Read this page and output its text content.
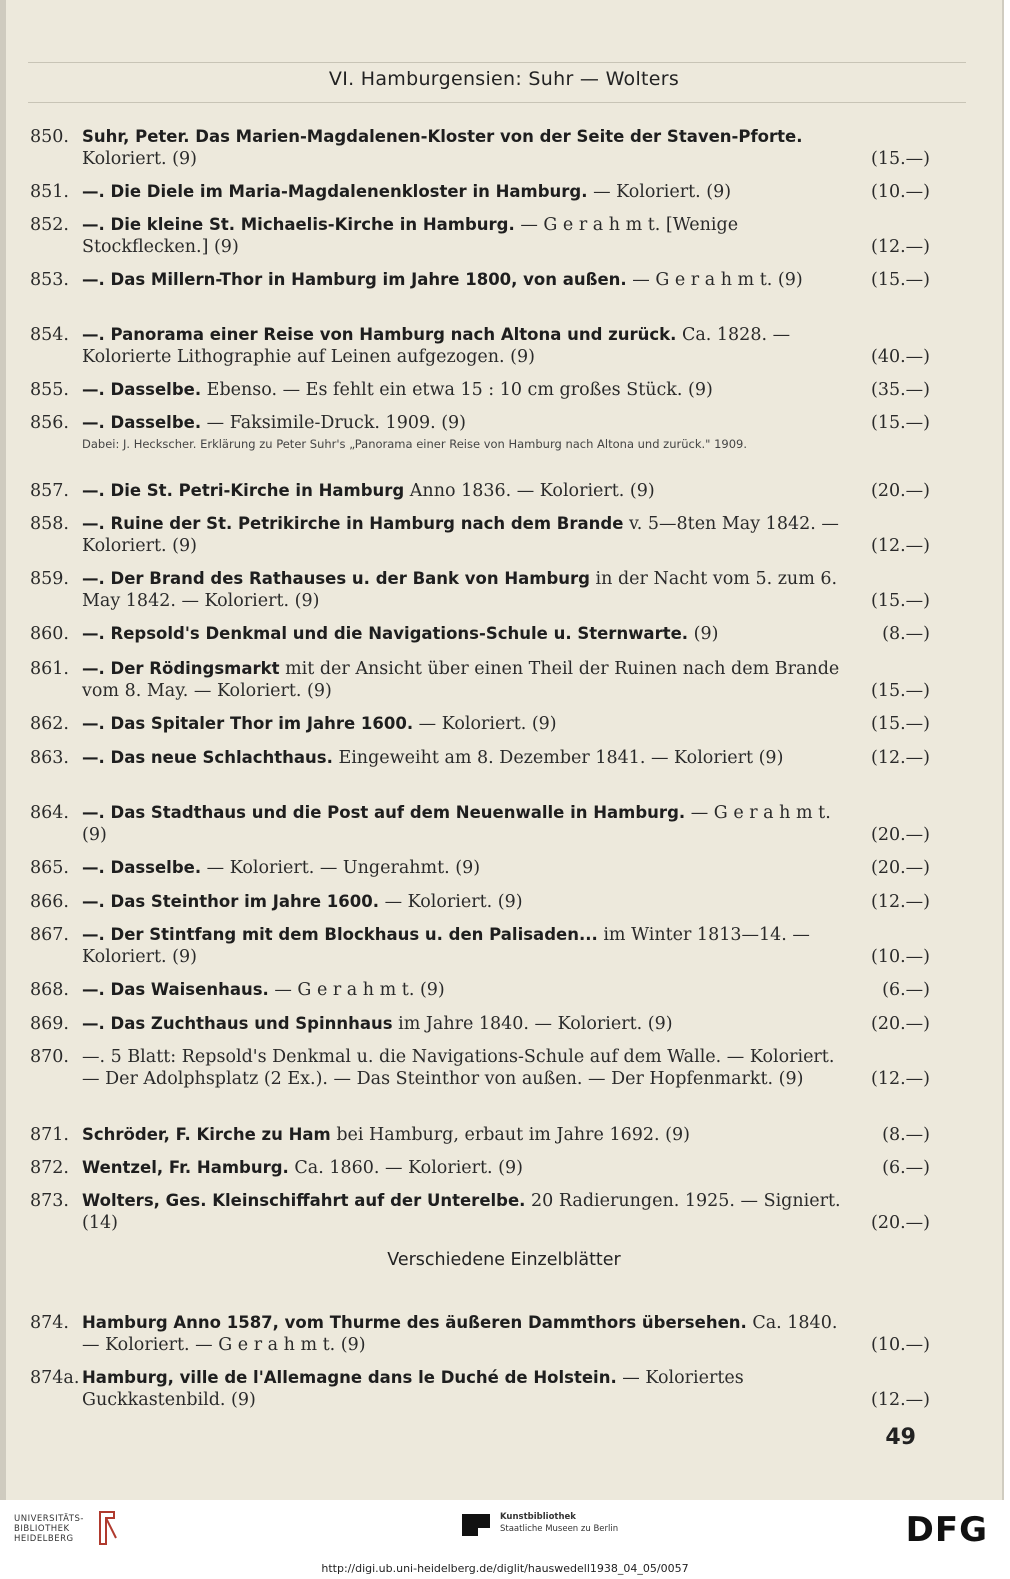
VI. Hamburgensien: Suhr — Wolters
850. Suhr, Peter. Das Marien-Magdalenen-Kloster von der Seite der Staven-Pforte. Koloriert. (9)	(15.—)
851. —. Die Diele im Maria-Magdalenenkloster in Hamburg. — Koloriert. (9)	(10.—)
852. —. Die kleine St. Michaelis-Kirche in Hamburg. — G e r a h m t. [Wenige Stockflecken.] (9)	(12.—)
853. —. Das Millern-Thor in Hamburg im Jahre 1800, von außen. — G e r a h m t. (9)	(15.—)
854. —. Panorama einer Reise von Hamburg nach Altona und zurück. Ca. 1828. — Kolorierte Lithographie auf Leinen aufgezogen. (9)	(40.—)
855. —. Dasselbe. Ebenso. — Es fehlt ein etwa 15 : 10 cm großes Stück. (9)	(35.—)
856. —. Dasselbe. — Faksimile-Druck. 1909. (9)	(15.—)
Dabei: J. Heckscher. Erklärung zu Peter Suhr's „Panorama einer Reise von Hamburg nach Altona und zurück." 1909.
857. —. Die St. Petri-Kirche in Hamburg Anno 1836. — Koloriert. (9)	(20.—)
858. —. Ruine der St. Petrikirche in Hamburg nach dem Brande v. 5—8ten May 1842. — Koloriert. (9)	(12.—)
859. —. Der Brand des Rathauses u. der Bank von Hamburg in der Nacht vom 5. zum 6. May 1842. — Koloriert. (9)	(15.—)
860. —. Repsold's Denkmal und die Navigations-Schule u. Sternwarte. (9)	(8.—)
861. —. Der Rödingsmarkt mit der Ansicht über einen Theil der Ruinen nach dem Brande vom 8. May. — Koloriert. (9)	(15.—)
862. —. Das Spitaler Thor im Jahre 1600. — Koloriert. (9)	(15.—)
863. —. Das neue Schlachthaus. Eingeweiht am 8. Dezember 1841. — Koloriert (9)	(12.—)
864. —. Das Stadthaus und die Post auf dem Neuenwalle in Hamburg. — G e r a h m t. (9)	(20.—)
865. —. Dasselbe. — Koloriert. — Ungerahmt. (9)	(20.—)
866. —. Das Steinthor im Jahre 1600. — Koloriert. (9)	(12.—)
867. —. Der Stintfang mit dem Blockhaus u. den Palisaden... im Winter 1813—14. — Koloriert. (9)	(10.—)
868. —. Das Waisenhaus. — G e r a h m t. (9)	(6.—)
869. —. Das Zuchthaus und Spinnhaus im Jahre 1840. — Koloriert. (9)	(20.—)
870. —. 5 Blatt: Repsold's Denkmal u. die Navigations-Schule auf dem Walle. — Koloriert. — Der Adolphsplatz (2 Ex.). — Das Steinthor von außen. — Der Hopfenmarkt. (9)	(12.—)
871. Schröder, F. Kirche zu Ham bei Hamburg, erbaut im Jahre 1692. (9)	(8.—)
872. Wentzel, Fr. Hamburg. Ca. 1860. — Koloriert. (9)	(6.—)
873. Wolters, Ges. Kleinschiffahrt auf der Unterelbe. 20 Radierungen. 1925. — Signiert. (14)	(20.—)
Verschiedene Einzelblätter
874. Hamburg Anno 1587, vom Thurme des äußeren Dammthors übersehen. Ca. 1840. — Koloriert. — G e r a h m t. (9)	(10.—)
874a. Hamburg, ville de l'Allemagne dans le Duché de Holstein. — Koloriertes Guckkastenbild. (9)	(12.—)
49
UNIVERSITÄTS-
BIBLIOTHEK
HEIDELBERG
Kunstbibliothek
Staatliche Museen zu Berlin	DFG
http://digi.ub.uni-heidelberg.de/diglit/hauswedell1938_04_05/0057
